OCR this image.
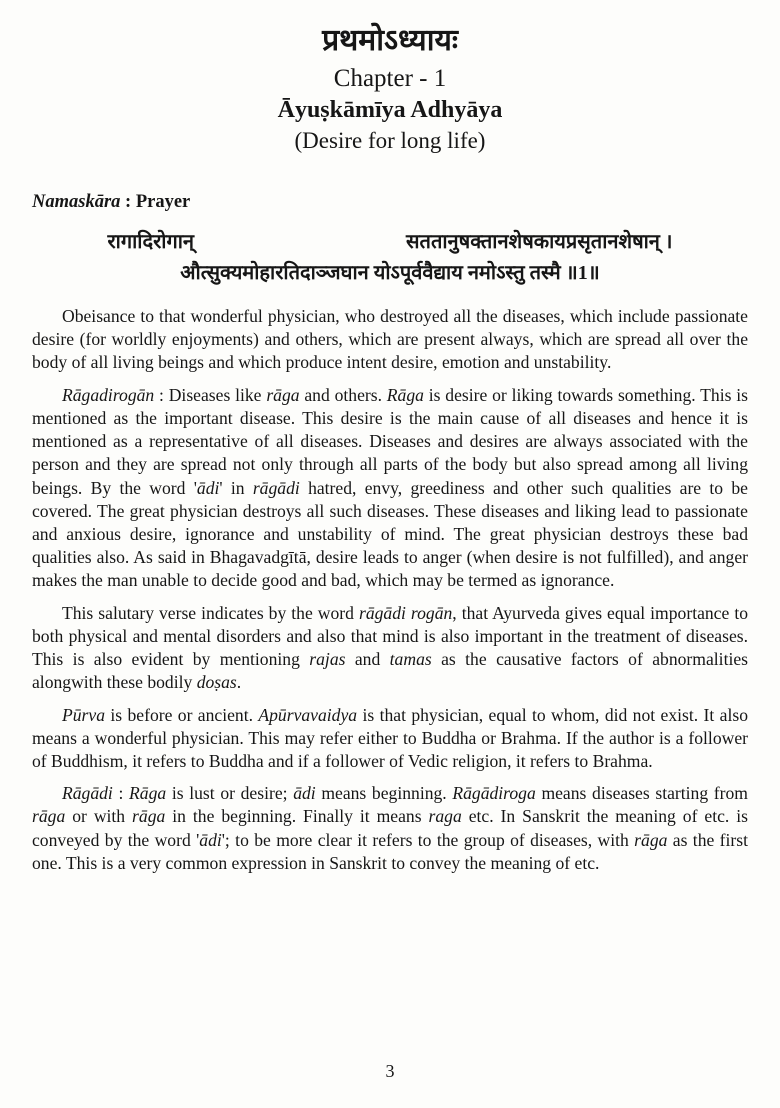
प्रथमोऽध्यायः
Chapter - 1
Āyuṣkāmīya Adhyāya
(Desire for long life)
Namaskāra : Prayer
रागादिरोगान्	सततानुषक्तानशेषकायप्रसृतानशेषान् ।
औत्सुक्यमोहारतिदाञ्जघान योऽपूर्ववैद्याय नमोऽस्तु तस्मै ॥1॥

Obeisance to that wonderful physician, who destroyed all the diseases, which include passionate desire (for worldly enjoyments) and others, which are present always, which are spread all over the body of all living beings and which produce intent desire, emotion and unstability.

Rāgadirogān : Diseases like rāga and others. Rāga is desire or liking towards something. This is mentioned as the important disease. This desire is the main cause of all diseases and hence it is mentioned as a representative of all diseases. Diseases and desires are always associated with the person and they are spread not only through all parts of the body but also spread among all living beings. By the word 'ādi' in rāgādi hatred, envy, greediness and other such qualities are to be covered. The great physician destroys all such diseases. These diseases and liking lead to passionate and anxious desire, ignorance and unstability of mind. The great physician destroys these bad qualities also. As said in Bhagavadgītā, desire leads to anger (when desire is not fulfilled), and anger makes the man unable to decide good and bad, which may be termed as ignorance.

This salutary verse indicates by the word rāgādi rogān, that Ayurveda gives equal importance to both physical and mental disorders and also that mind is also important in the treatment of diseases. This is also evident by mentioning rajas and tamas as the causative factors of abnormalities alongwith these bodily doṣas.

Pūrva is before or ancient. Apūrvavaidya is that physician, equal to whom, did not exist. It also means a wonderful physician. This may refer either to Buddha or Brahma. If the author is a follower of Buddhism, it refers to Buddha and if a follower of Vedic religion, it refers to Brahma.

Rāgādi : Rāga is lust or desire; ādi means beginning. Rāgādiroga means diseases starting from rāga or with rāga in the beginning. Finally it means raga etc. In Sanskrit the meaning of etc. is conveyed by the word 'ādi'; to be more clear it refers to the group of diseases, with rāga as the first one. This is a very common expression in Sanskrit to convey the meaning of etc.

3
